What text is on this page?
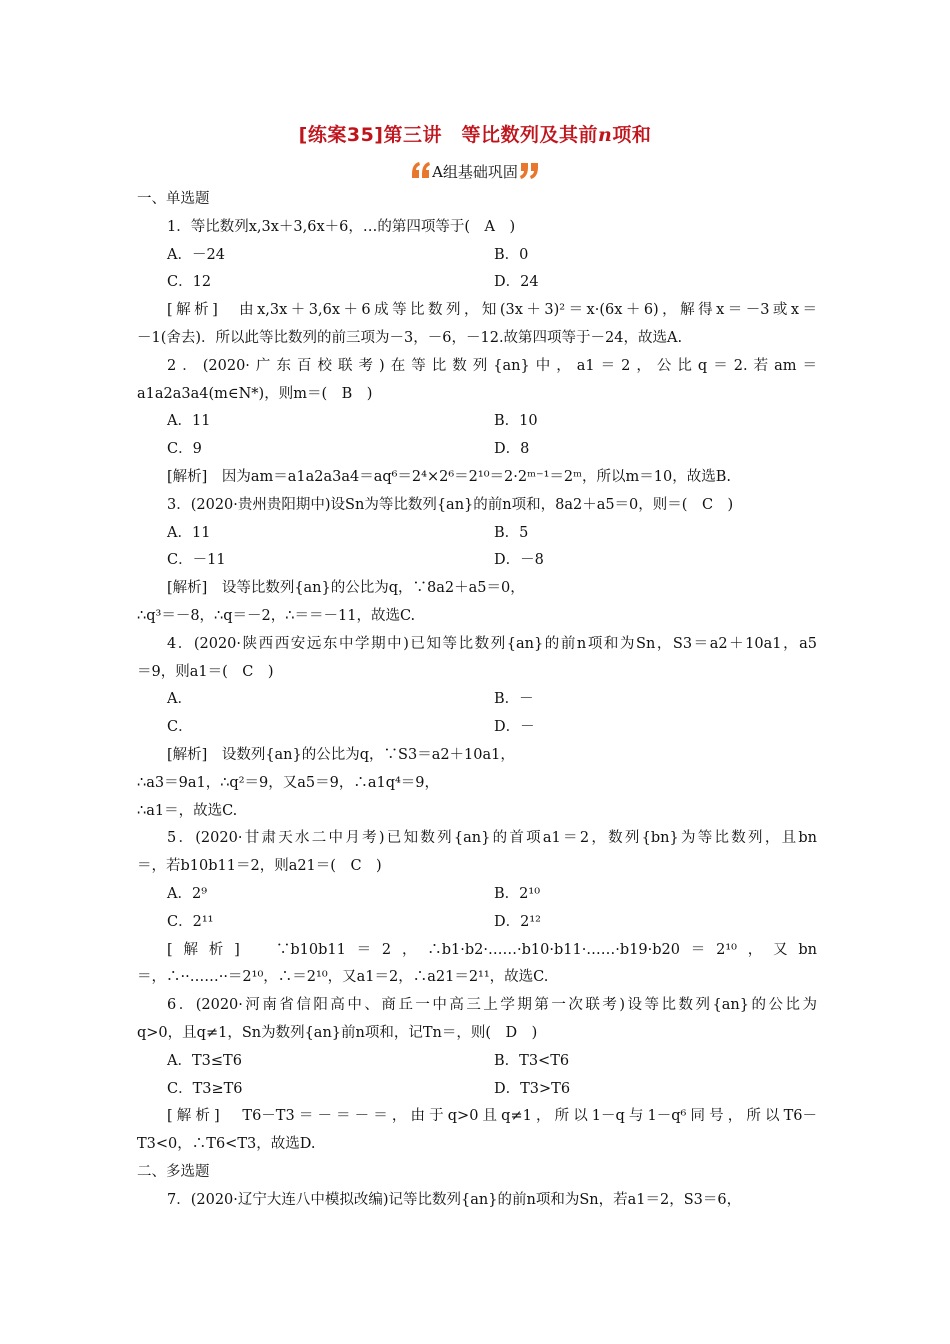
[练案35]第三讲　等比数列及其前n项和
A组基础巩固
一、单选题
1．等比数列x,3x＋3,6x＋6，…的第四项等于(　A　)
A．－24	B．0
C．12	D．24
[解析]　由x,3x＋3,6x＋6成等比数列，知(3x＋3)²＝x·(6x＋6)，解得x＝－3或x＝
－1(舍去)．所以此等比数列的前三项为－3，－6，－12.故第四项等于－24，故选A.
2．(2020·广东百校联考)在等比数列{an}中，a1＝2，公比q＝2.若am＝
a1a2a3a4(m∈N*)，则m＝(　B　)
A．11	B．10
C．9	D．8
[解析]　因为am＝a1a2a3a4＝aq⁶＝2⁴×2⁶＝2¹⁰＝2·2ᵐ⁻¹＝2ᵐ，所以m＝10，故选B.
3．(2020·贵州贵阳期中)设Sn为等比数列{an}的前n项和，8a2＋a5＝0，则＝(　C　)
A．11	B．5
C．－11	D．－8
[解析]　设等比数列{an}的公比为q，∵8a2＋a5＝0，
∴q³＝－8，∴q＝－2，∴＝＝－11，故选C.
4．(2020·陕西西安远东中学期中)已知等比数列{an}的前n项和为Sn，S3＝a2＋10a1，a5
＝9，则a1＝(　C　)
A．	B．－
C．	D．－
[解析]　设数列{an}的公比为q，∵S3＝a2＋10a1，
∴a3＝9a1，∴q²＝9，又a5＝9，∴a1q⁴＝9，
∴a1＝，故选C.
5．(2020·甘肃天水二中月考)已知数列{an}的首项a1＝2，数列{bn}为等比数列，且bn
＝，若b10b11＝2，则a21＝(　C　)
A．2⁹	B．2¹⁰
C．2¹¹	D．2¹²
[解析]　∵b10b11＝2，∴b1·b2·……·b10·b11·……·b19·b20＝2¹⁰，又bn
＝，∴··……··＝2¹⁰，∴＝2¹⁰，又a1＝2，∴a21＝2¹¹，故选C.
6．(2020·河南省信阳高中、商丘一中高三上学期第一次联考)设等比数列{an}的公比为
q>0，且q≠1，Sn为数列{an}前n项和，记Tn＝，则(　D　)
A．T3≤T6	B．T3<T6
C．T3≥T6	D．T3>T6
[解析]　T6－T3＝－＝－＝，由于q>0且q≠1，所以1－q与1－q⁶同号，所以T6－
T3<0，∴T6<T3，故选D.
二、多选题
7．(2020·辽宁大连八中模拟改编)记等比数列{an}的前n项和为Sn，若a1＝2，S3＝6，
